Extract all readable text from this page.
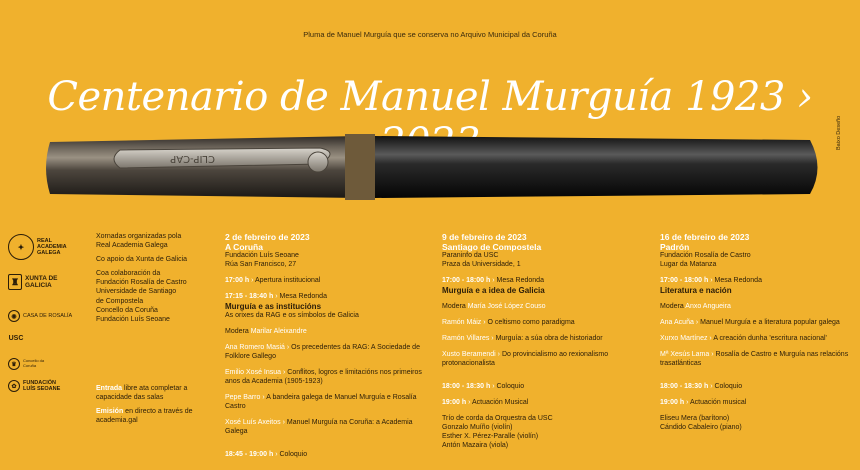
Pluma de Manuel Murguía que se conserva no Arquivo Municipal da Coruña
Centenario de Manuel Murguía 1923 ›
Baixo Deseño
CLIP-CAP
✦
REAL ACADEMIA GALEGA
♜ XUNTA DE GALICIA
◉	CASA DE ROSALÍA
USC
♛
Concello da Coruña
✿
FUNDACIÓN LUÍS SEOANE

Xornadas organizadas pola
Real Academia Galega

Co apoio da Xunta de Galicia

Coa colaboración da
Fundación Rosalía de Castro
Universidade de Santiago
de Compostela
Concello da Coruña
Fundación Luís Seoane

Entrada libre ata completar a capacidade das salas

Emisión en directo a través de academia.gal

2 de febreiro de 2023
A Coruña

Fundación Luís Seoane

Rúa San Francisco, 27

17:00 h › Apertura institucional

17:15 - 18:40 h › Mesa Redonda

Murguía e as institucións

As orixes da RAG e os símbolos de Galicia

Modera Marilar Aleixandre

Ana Romero Masiá › Os precedentes da RAG: A Sociedade de Folklore Gallego

Emilio Xosé Insua › Conflitos, logros e limitacións nos primeiros anos da Academia (1905-1923)

Pepe Barro › A bandeira galega de Manuel Murguía e Rosalía Castro

Xosé Luís Axeitos › Manuel Murguía na Coruña: a Academia Galega

18:45 - 19:00 h › Coloquio

9 de febreiro de 2023
Santiago de Compostela

Paraninfo da USC

Praza da Universidade, 1

17:00 - 18:00 h › Mesa Redonda

Murguía e a idea de Galicia

Modera María José López Couso

Ramón Máiz › O celtismo como paradigma

Ramón Villares › Murguía: a súa obra de historiador

Xusto Beramendi › Do provincialismo ao rexionalismo protonacionalista

18:00 - 18:30 h › Coloquio

19:00 h › Actuación Musical

Trío de corda da Orquestra da USC

Gonzalo Muíño (violín)

Esther X. Pérez-Paralle (violín)

Antón Mazaira (viola)

16 de febreiro de 2023
Padrón

Fundación Rosalía de Castro

Lugar da Matanza

17:00 - 18:00 h › Mesa Redonda

Literatura e nación

Modera Anxo Angueira

Ana Acuña › Manuel Murguía e a literatura popular galega

Xurxo Martínez › A creación dunha 'escritura nacional'

Mª Xesús Lama › Rosalía de Castro e Murguía nas relacións trasatlánticas

18:00 - 18:30 h › Coloquio

19:00 h › Actuación musical

Eliseu Mera (barítono)

Cándido Cabaleiro (piano)
